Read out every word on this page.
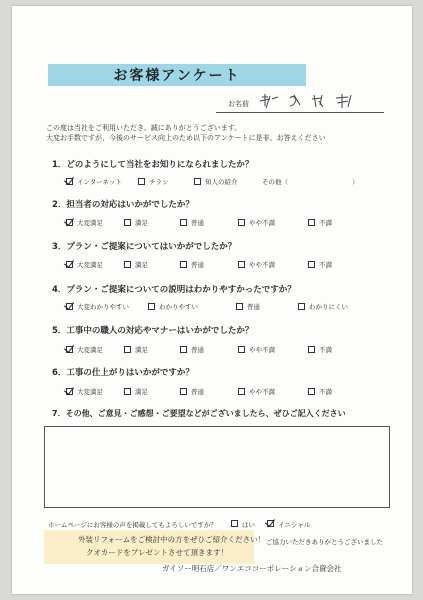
お客様アンケート
お名前
この度は当社をご利用いただき、誠にありがとうございます。
大変お手数ですが、今後のサービス向上のため以下のアンケートに是非、お答えください
1．どのようにして当社をお知りになられましたか？
インターネット	チラシ	知人の紹介	その他（	）
2．担当者の対応はいかがでしたか？
大変満足	満足	普通	やや不満	不満
3．プラン・ご提案についてはいかがでしたか？
大変満足	満足	普通	やや不満	不満
4．プラン・ご提案についての説明はわかりやすかったですか？
大変わかりやすい	わかりやすい	普通	わかりにくい
5．工事中の職人の対応やマナーはいかがでしたか？
大変満足	満足	普通	やや不満	不満
6．工事の仕上がりはいかがですか？
大変満足	満足	普通	やや不満	不満
7．その他、ご意見・ご感想・ご要望などがございましたら、ぜひご記入ください
ホームページにお客様の声を掲載してもよろしいですか？	はい	イニシャル
ご協力いただきありがとうございました
外装リフォームをご検討中の方をぜひご紹介ください！
クオカードをプレゼントさせて頂きます！
ガイソー明石店／ワンエココーポレーション合資会社
